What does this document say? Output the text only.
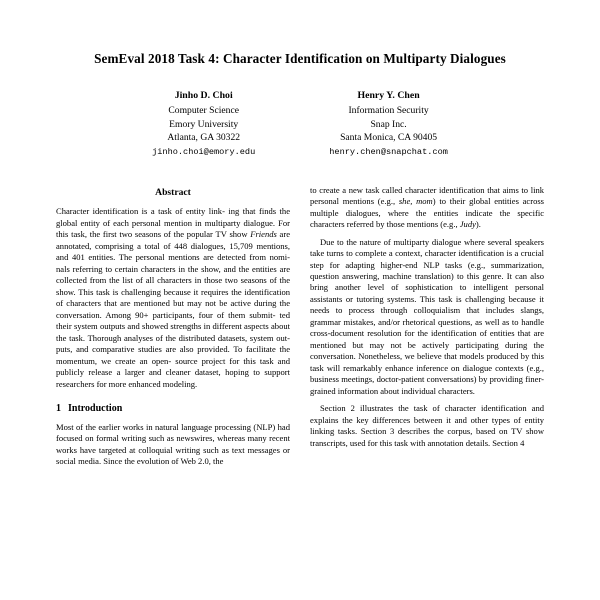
SemEval 2018 Task 4: Character Identification on Multiparty Dialogues
Jinho D. Choi
Computer Science
Emory University
Atlanta, GA 30322
jinho.choi@emory.edu
Henry Y. Chen
Information Security
Snap Inc.
Santa Monica, CA 90405
henry.chen@snapchat.com
Abstract

Character identification is a task of entity link- ing that finds the global entity of each personal mention in multiparty dialogue. For this task, the first two seasons of the popular TV show Friends are annotated, comprising a total of 448 dialogues, 15,709 mentions, and 401 entities. The personal mentions are detected from nomi- nals referring to certain characters in the show, and the entities are collected from the list of all characters in those two seasons of the show. This task is challenging because it requires the identification of characters that are mentioned but may not be active during the conversation. Among 90+ participants, four of them submit- ted their system outputs and showed strengths in different aspects about the task. Thorough analyses of the distributed datasets, system out- puts, and comparative studies are also provided. To facilitate the momentum, we create an open- source project for this task and publicly release a larger and cleaner dataset, hoping to support researchers for more enhanced modeling.

1 Introduction

Most of the earlier works in natural language processing (NLP) had focused on formal writing such as newswires, whereas many recent works have targeted at colloquial writing such as text messages or social media. Since the evolution of Web 2.0, the

to create a new task called character identification that aims to link personal mentions (e.g., she, mom) to their global entities across multiple dialogues, where the entities indicate the specific characters referred by those mentions (e.g., Judy).

Due to the nature of multiparty dialogue where several speakers take turns to complete a context, character identification is a crucial step for adapting higher-end NLP tasks (e.g., summarization, question answering, machine translation) to this genre. It can also bring another level of sophistication to intelligent personal assistants or tutoring systems. This task is challenging because it needs to process through colloquialism that includes slangs, grammar mistakes, and/or rhetorical questions, as well as to handle cross-document resolution for the identification of entities that are mentioned but may not be actively participating during the conversation. Nonetheless, we believe that models produced by this task will remarkably enhance inference on dialogue contexts (e.g., business meetings, doctor-patient conversations) by providing finer-grained information about individual characters.

Section 2 illustrates the task of character identification and explains the key differences between it and other types of entity linking tasks. Section 3 describes the corpus, based on TV show transcripts, used for this task with annotation details. Section 4
